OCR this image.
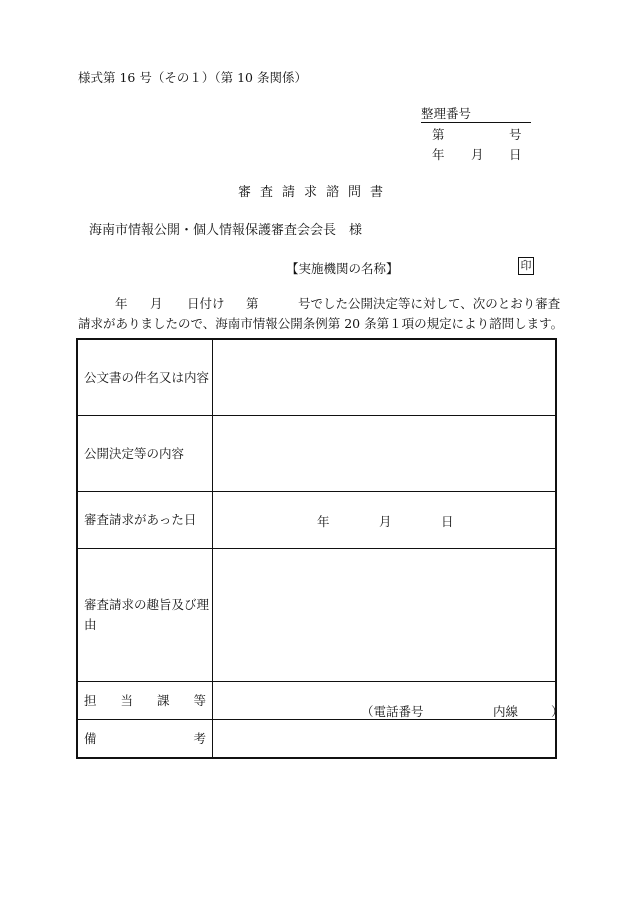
様式第 16 号（その１）（第 10 条関係）
整理番号
第	号
年 月 日
審査請求諮問書
海南市情報公開・個人情報保護審査会会長　様
【実施機関の名称】	印
年 月 日付け 第	号でした公開決定等に対して、次のとおり審査
請求がありましたので、海南市情報公開条例第 20 条第１項の規定により諮問します。
公文書の件名又は内容	
公開決定等の内容	
審査請求があった日	年 月 日

審査請求の趣旨及び理由	

担 当 課 等	（電話番号 内線 ）

備 考	
